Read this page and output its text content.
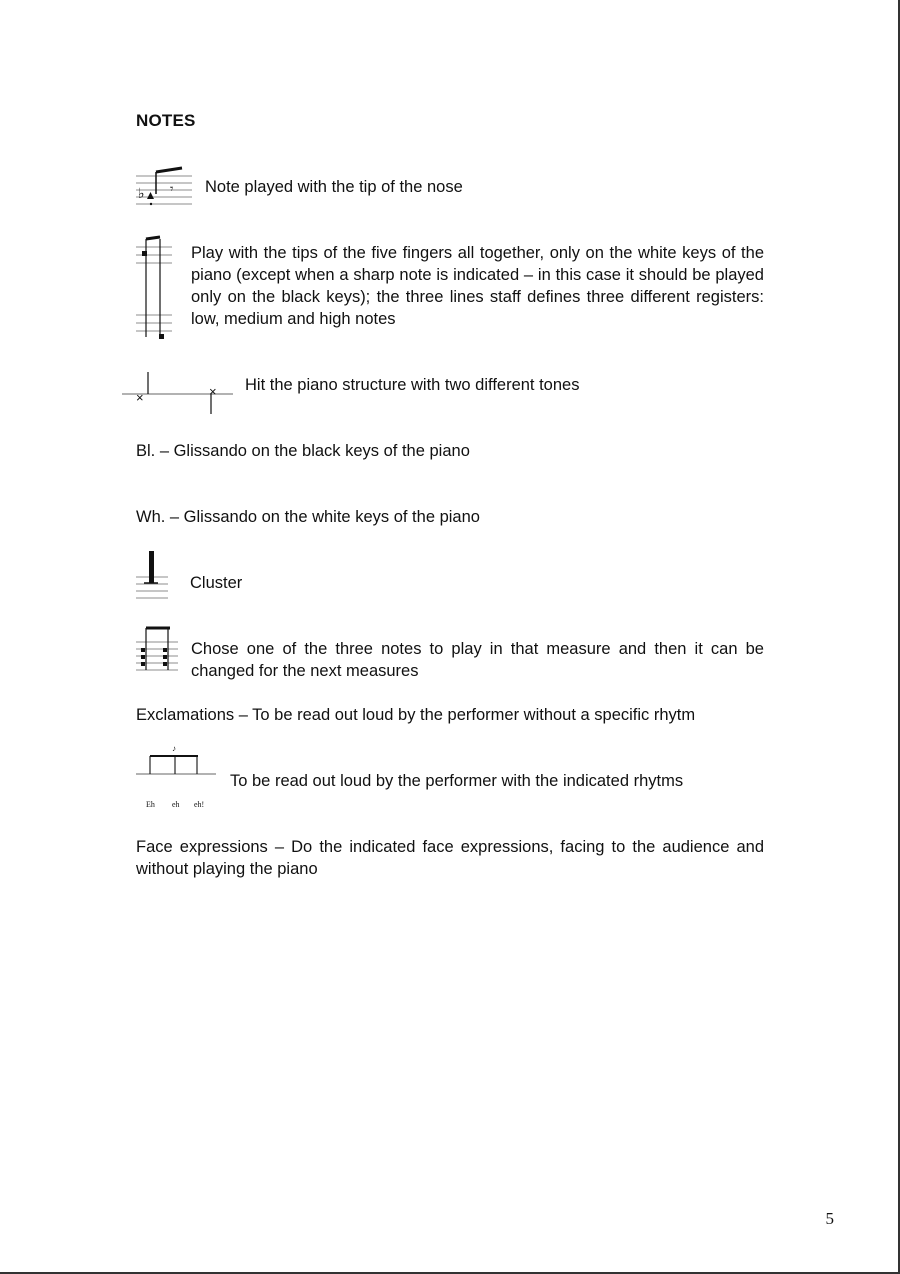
NOTES
♭ 𝄾 Note played with the tip of the nose
Play with the tips of the five fingers all together, only on the white keys of the piano (except when a sharp note is indicated – in this case it should be played only on the black keys); the three lines staff defines three different registers: low, medium and high notes
×	× Hit the piano structure with two different tones
Bl. – Glissando on the black keys of the piano
Wh. – Glissando on the white keys of the piano
Cluster
Chose one of the three notes to play in that measure and then it can be changed for the next measures
Exclamations – To be read out loud by the performer without a specific rhytm
♪
To be read out loud by the performer with the indicated rhytms
Eh eh eh!
Face expressions – Do the indicated face expressions, facing to the audience and without playing the piano
5
